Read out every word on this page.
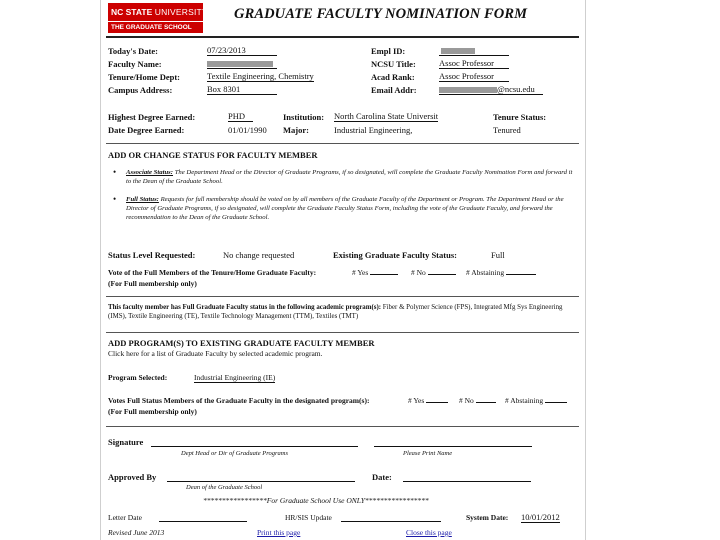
NC STATE UNIVERSITY
THE GRADUATE SCHOOL
GRADUATE FACULTY NOMINATION FORM
Today's Date:	07/23/2013
Faculty Name:
Tenure/Home Dept:	Textile Engineering, Chemistry
Campus Address:	Box 8301
Empl ID:
NCSU Title:	Assoc Professor
Acad Rank:	Assoc Professor
Email Addr:	@ncsu.edu
Highest Degree Earned:	PHD
Date Degree Earned:	01/01/1990
Institution: North Carolina State Universit
Major:	Industrial Engineering,
Tenure Status:
Tenured
ADD OR CHANGE STATUS FOR FACULTY MEMBER
• Associate Status: The Department Head or the Director of Graduate Programs, if so designated, will complete the Graduate Faculty Nomination Form and forward it to the Dean of the Graduate School.
• Full Status: Requests for full membership should be voted on by all members of the Graduate Faculty of the Department or Program. The Department Head or the Director of Graduate Programs, if so designated, will complete the Graduate Faculty Status Form, including the vote of the Graduate Faculty, and forward the recommendation to the Dean of the Graduate School.
Status Level Requested:	No change requested	Existing Graduate Faculty Status:	Full
Vote of the Full Members of the Tenure/Home Graduate Faculty:	# Yes	# No	# Abstaining
(For Full membership only)
This faculty member has Full Graduate Faculty status in the following academic program(s): Fiber & Polymer Science (FPS), Integrated Mfg Sys Engineering (IMS), Textile Engineering (TE), Textile Technology Management (TTM), Textiles (TMT)
ADD PROGRAM(S) TO EXISTING GRADUATE FACULTY MEMBER
Click here for a list of Graduate Faculty by selected academic program.
Program Selected:	Industrial Engineering (IE)
Votes Full Status Members of the Graduate Faculty in the designated program(s):	# Yes	# No	# Abstaining
(For Full membership only)
Signature
Dept Head or Dir of Graduate Programs	Please Print Name
Approved By	Date:
Dean of the Graduate School
*****************For Graduate School Use ONLY*****************
Letter Date	HR/SIS Update	System Date: 10/01/2012
Revised June 2013	Print this page	Close this page
